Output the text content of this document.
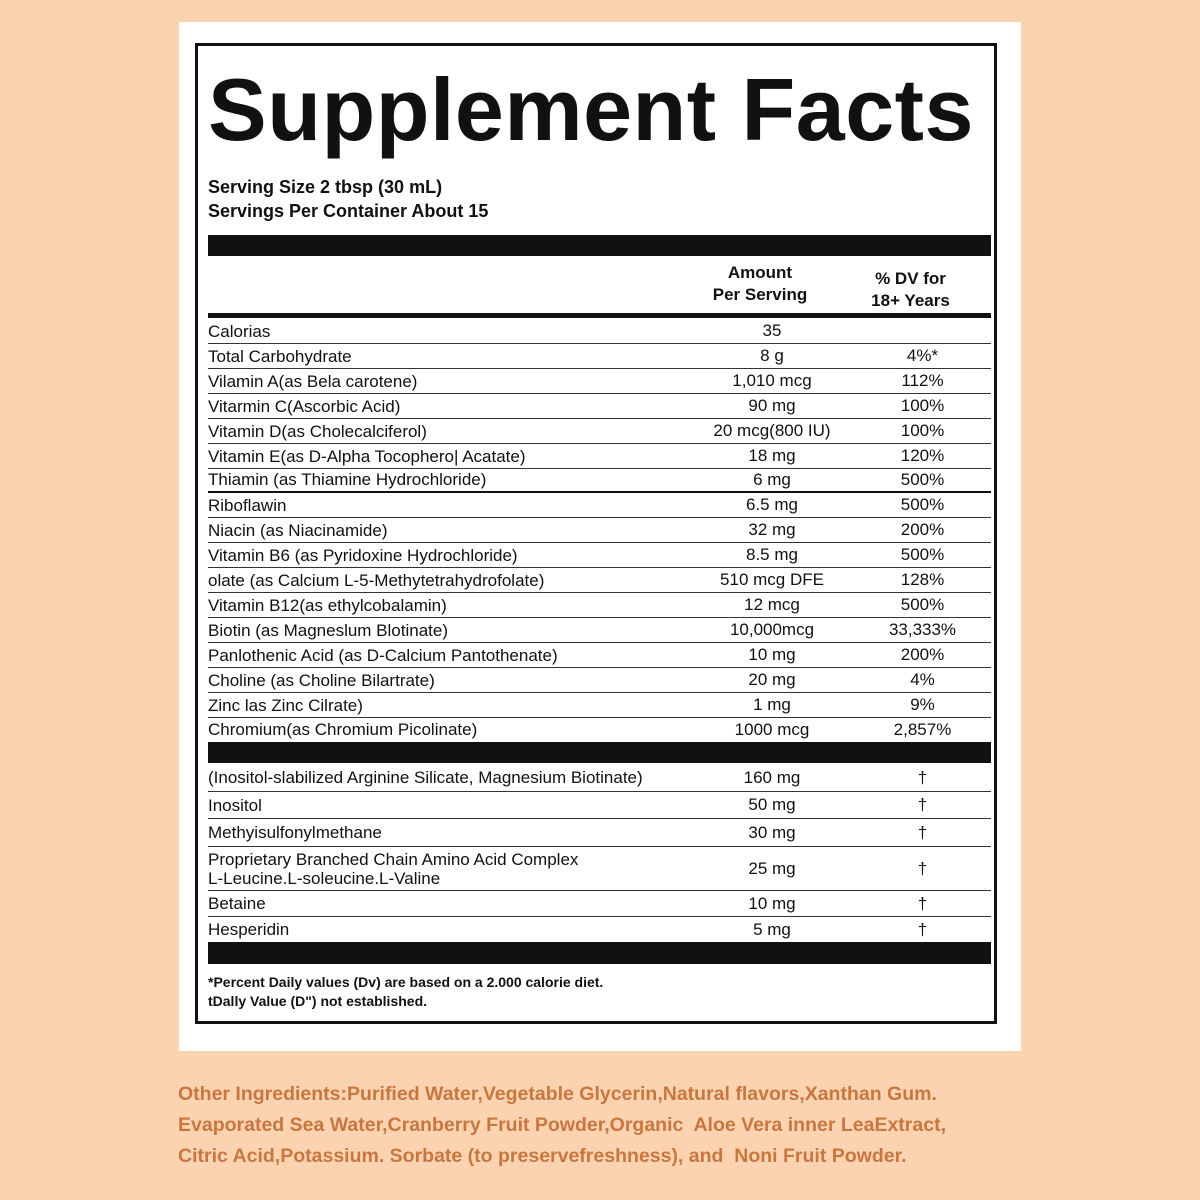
Supplement Facts
Serving Size 2 tbsp (30 mL)
Servings Per Container About 15
Amount
Per Serving
% DV for
18+ Years
Calorias	35
Total Carbohydrate	8 g	4%*
Vilamin A(as Bela carotene)	1,010 mcg	112%
Vitarmin C(Ascorbic Acid)	90 mg	100%
Vitamin D(as Cholecalciferol)	20 mcg(800 IU)	100%
Vitamin E(as D-Alpha Tocophero| Acatate)	18 mg	120%
Thiamin (as Thiamine Hydrochloride)	6 mg	500%
Riboflawin	6.5 mg	500%
Niacin (as Niacinamide)	32 mg	200%
Vitamin B6 (as Pyridoxine Hydrochloride)	8.5 mg	500%
olate (as Calcium L-5-Methytetrahydrofolate)	510 mcg DFE	128%
Vitamin B12(as ethylcobalamin)	12 mcg	500%
Biotin (as Magneslum Blotinate)	10,000mcg	33,333%
Panlothenic Acid (as D-Calcium Pantothenate)	10 mg	200%
Choline (as Choline Bilartrate)	20 mg	4%
Zinc las Zinc Cilrate)	1 mg	9%
Chromium(as Chromium Picolinate)	1000 mcg	2,857%
(Inositol-slabilized Arginine Silicate, Magnesium Biotinate)	160 mg	†
Inositol	50 mg	†
Methyisulfonylmethane	30 mg	†
Proprietary Branched Chain Amino Acid Complex
L-Leucine.L-soleucine.L-Valine
25 mg	†
Betaine	10 mg	†
Hesperidin	5 mg	†
*Percent Daily values (Dv) are based on a 2.000 calorie diet.
tDally Value (D") not established.
Other Ingredients:Purified Water,Vegetable Glycerin,Natural flavors,Xanthan Gum.
Evaporated Sea Water,Cranberry Fruit Powder,Organic  Aloe Vera inner LeaExtract,
Citric Acid,Potassium. Sorbate (to preservefreshness), and  Noni Fruit Powder.
